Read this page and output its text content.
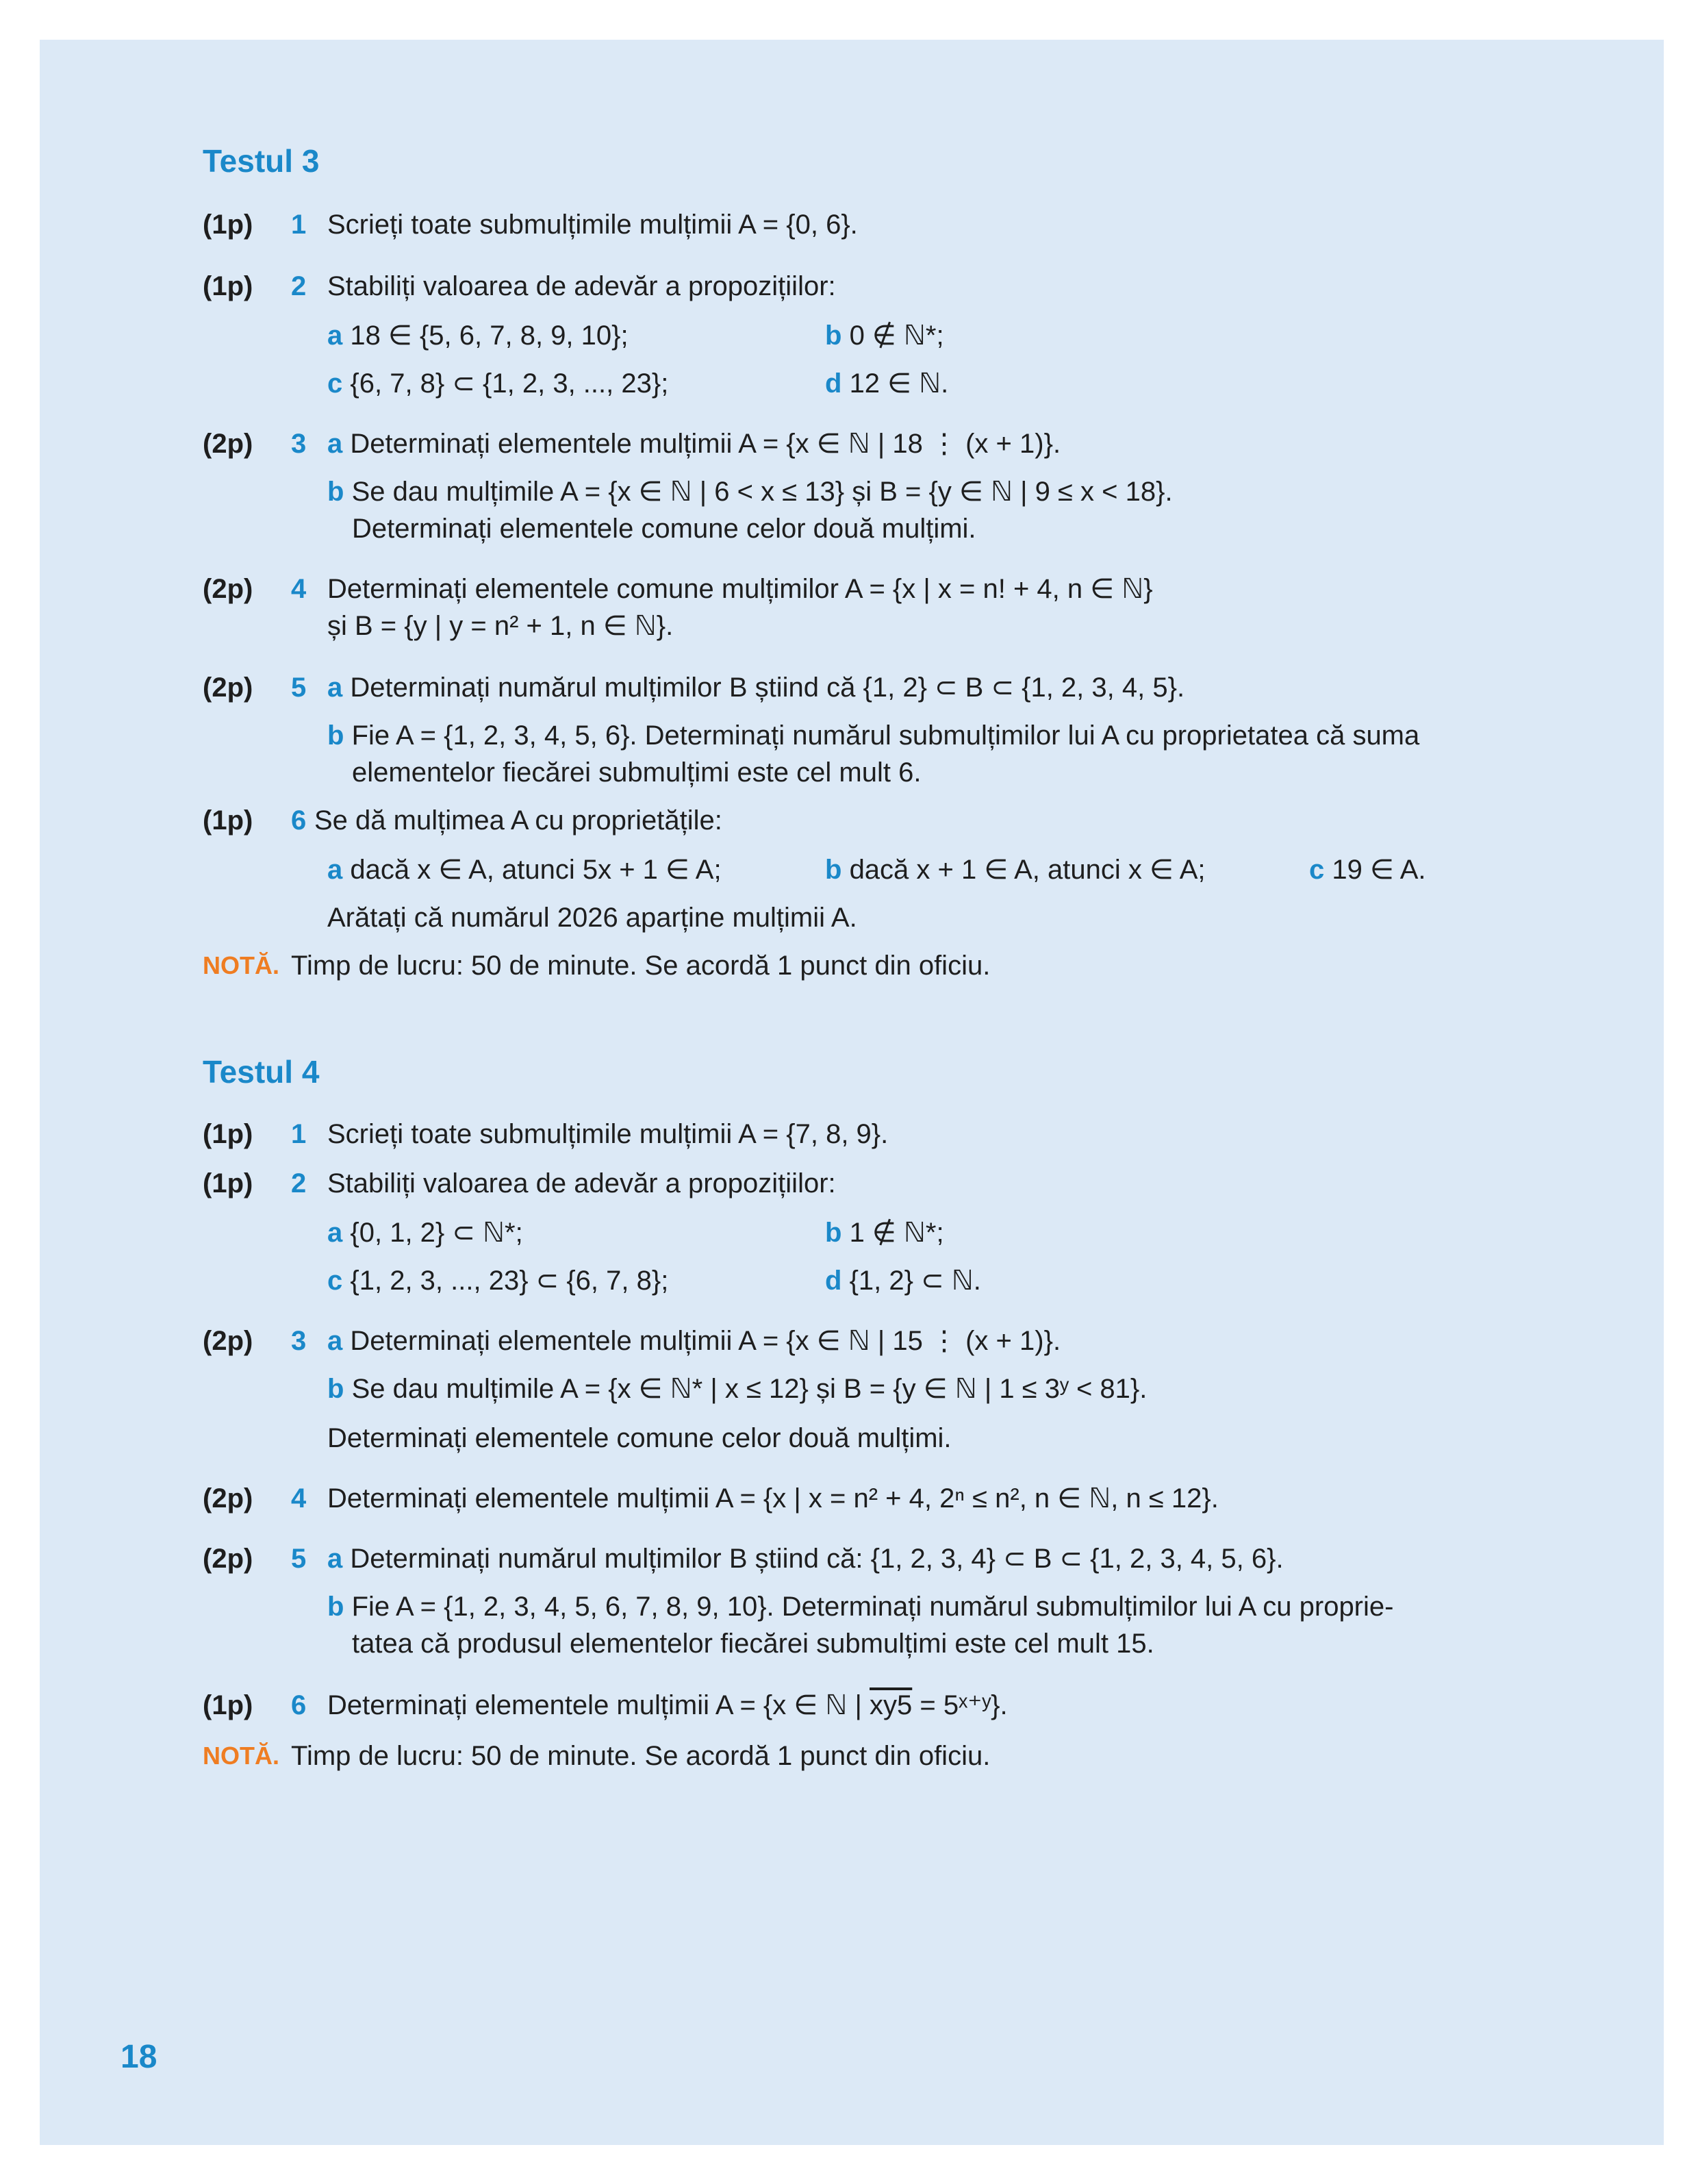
Testul 3
(1p) 1 Scrieți toate submulțimile mulțimii A = {0, 6}.
(1p) 2 Stabiliți valoarea de adevăr a propozițiilor:
a 18 ∈ {5, 6, 7, 8, 9, 10};	b 0 ∉ ℕ*;
c {6, 7, 8} ⊂ {1, 2, 3, ..., 23};	d 12 ∈ ℕ.
(2p) 3 a Determinați elementele mulțimii A = {x ∈ ℕ | 18 ⋮ (x + 1)}.
b Se dau mulțimile A = {x ∈ ℕ | 6 < x ≤ 13} și B = {y ∈ ℕ | 9 ≤ x < 18}.
Determinați elementele comune celor două mulțimi.
(2p) 4 Determinați elementele comune mulțimilor A = {x | x = n! + 4, n ∈ ℕ}
și B = {y | y = n² + 1, n ∈ ℕ}.
(2p) 5 a Determinați numărul mulțimilor B știind că {1, 2} ⊂ B ⊂ {1, 2, 3, 4, 5}.
b Fie A = {1, 2, 3, 4, 5, 6}. Determinați numărul submulțimilor lui A cu proprietatea că suma
elementelor fiecărei submulțimi este cel mult 6.
(1p) 6 Se dă mulțimea A cu proprietățile:
a dacă x ∈ A, atunci 5x + 1 ∈ A;	b dacă x + 1 ∈ A, atunci x ∈ A;	c 19 ∈ A.
Arătați că numărul 2026 aparține mulțimii A.
NOTĂ. Timp de lucru: 50 de minute. Se acordă 1 punct din oficiu.
Testul 4
(1p) 1 Scrieți toate submulțimile mulțimii A = {7, 8, 9}.
(1p) 2 Stabiliți valoarea de adevăr a propozițiilor:
a {0, 1, 2} ⊂ ℕ*;	b 1 ∉ ℕ*;
c {1, 2, 3, ..., 23} ⊂ {6, 7, 8};	d {1, 2} ⊂ ℕ.
(2p) 3 a Determinați elementele mulțimii A = {x ∈ ℕ | 15 ⋮ (x + 1)}.
b Se dau mulțimile A = {x ∈ ℕ* | x ≤ 12} și B = {y ∈ ℕ | 1 ≤ 3ʸ < 81}.
Determinați elementele comune celor două mulțimi.
(2p) 4 Determinați elementele mulțimii A = {x | x = n² + 4, 2ⁿ ≤ n², n ∈ ℕ, n ≤ 12}.
(2p) 5 a Determinați numărul mulțimilor B știind că: {1, 2, 3, 4} ⊂ B ⊂ {1, 2, 3, 4, 5, 6}.
b Fie A = {1, 2, 3, 4, 5, 6, 7, 8, 9, 10}. Determinați numărul submulțimilor lui A cu proprie-
tatea că produsul elementelor fiecărei submulțimi este cel mult 15.
(1p) 6 Determinați elementele mulțimii A = {x ∈ ℕ | xy5 = 5ˣ⁺ʸ}.
NOTĂ. Timp de lucru: 50 de minute. Se acordă 1 punct din oficiu.
18
